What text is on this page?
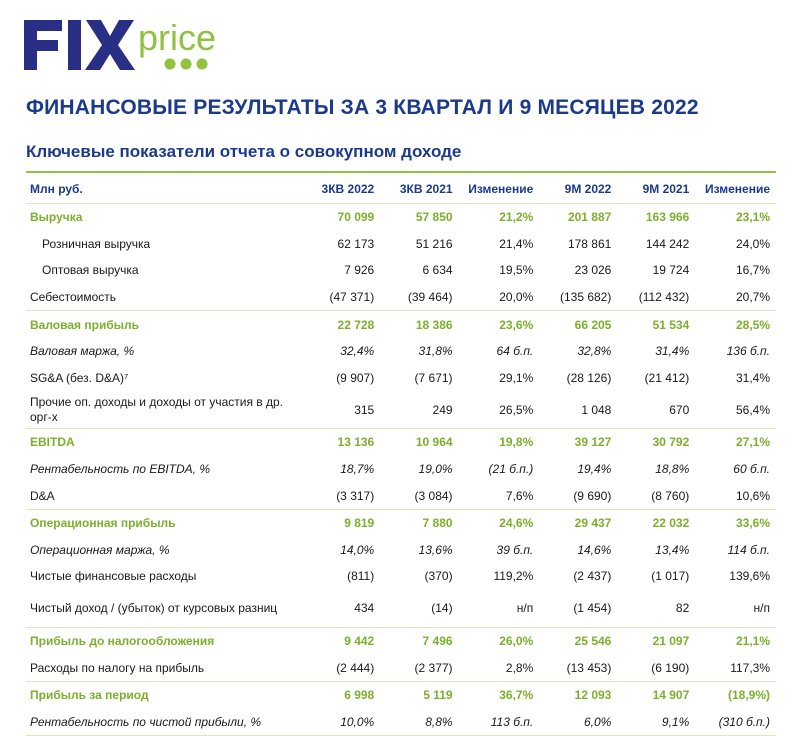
price
ФИНАНСОВЫЕ РЕЗУЛЬТАТЫ ЗА 3 КВАРТАЛ И 9 МЕСЯЦЕВ 2022
Ключевые показатели отчета о совокупном доходе
Млн руб.	3КВ 2022	3КВ 2021	Изменение	9М 2022	9М 2021	Изменение
Выручка	70 099	57 850	21,2%	201 887	163 966	23,1%
Розничная выручка	62 173	51 216	21,4%	178 861	144 242	24,0%
Оптовая выручка	7 926	6 634	19,5%	23 026	19 724	16,7%
Себестоимость	(47 371)	(39 464)	20,0%	(135 682)	(112 432)	20,7%
Валовая прибыль	22 728	18 386	23,6%	66 205	51 534	28,5%
Валовая маржа, %	32,4%	31,8%	64 б.п.	32,8%	31,4%	136 б.п.
SG&A (без. D&A)⁷	(9 907)	(7 671)	29,1%	(28 126)	(21 412)	31,4%
Прочие оп. доходы и доходы от участия в др. орг-х	315	249	26,5%	1 048	670	56,4%
EBITDA	13 136	10 964	19,8%	39 127	30 792	27,1%
Рентабельность по EBITDA, %	18,7%	19,0%	(21 б.п.)	19,4%	18,8%	60 б.п.
D&A	(3 317)	(3 084)	7,6%	(9 690)	(8 760)	10,6%
Операционная прибыль	9 819	7 880	24,6%	29 437	22 032	33,6%
Операционная маржа, %	14,0%	13,6%	39 б.п.	14,6%	13,4%	114 б.п.
Чистые финансовые расходы	(811)	(370)	119,2%	(2 437)	(1 017)	139,6%
Чистый доход / (убыток) от курсовых разниц	434	(14)	н/п	(1 454)	82	н/п
Прибыль до налогообложения	9 442	7 496	26,0%	25 546	21 097	21,1%
Расходы по налогу на прибыль	(2 444)	(2 377)	2,8%	(13 453)	(6 190)	117,3%
Прибыль за период	6 998	5 119	36,7%	12 093	14 907	(18,9%)
Рентабельность по чистой прибыли, %	10,0%	8,8%	113 б.п.	6,0%	9,1%	(310 б.п.)
